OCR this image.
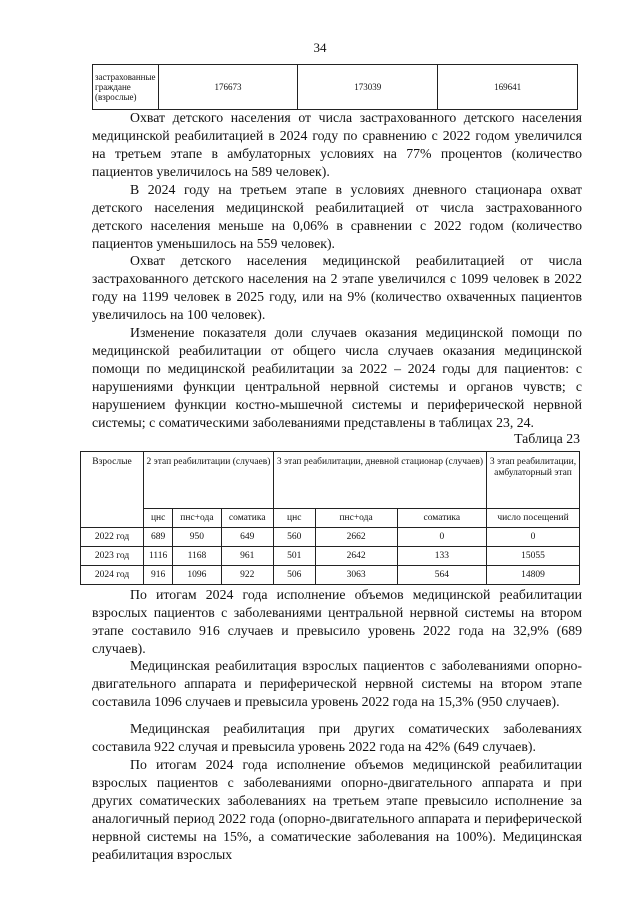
34
застрахованные граждане (взрослые)	176673	173039	169641

Охват детского населения от числа застрахованного детского населения медицинской реабилитацией в 2024 году по сравнению с 2022 годом увеличился на третьем этапе в амбулаторных условиях на 77% процентов (количество пациентов увеличилось на 589 человек).

В 2024 году на третьем этапе в условиях дневного стационара охват детского населения медицинской реабилитацией от числа застрахованного детского населения меньше на 0,06% в сравнении с 2022 годом (количество пациентов уменьшилось на 559 человек).

Охват детского населения медицинской реабилитацией от числа застрахованного детского населения на 2 этапе увеличился с 1099 человек в 2022 году на 1199 человек в 2025 году, или на 9% (количество охваченных пациентов увеличилось на 100 человек).

Изменение показателя доли случаев оказания медицинской помощи по медицинской реабилитации от общего числа случаев оказания медицинской помощи по медицинской реабилитации за 2022 – 2024 годы для пациентов: с нарушениями функции центральной нервной системы и органов чувств; с нарушением функции костно-мышечной системы и периферической нервной системы; с соматическими заболеваниями представлены в таблицах 23, 24.

Таблица 23
Взрослые	2 этап реабилитации (случаев)			3 этап реабилитации, дневной стационар (случаев)			3 этап реабилитации, амбулаторный этап
	цнс	пнс+ода	соматика	цнс	пнс+ода	соматика	число посещений
2022 год	689	950	649	560	2662	0	0
2023 год	1116	1168	961	501	2642	133	15055
2024 год	916	1096	922	506	3063	564	14809

По итогам 2024 года исполнение объемов медицинской реабилитации взрослых пациентов с заболеваниями центральной нервной системы на втором этапе составило 916 случаев и превысило уровень 2022 года на 32,9% (689 случаев).

Медицинская реабилитация взрослых пациентов с заболеваниями опорно-двигательного аппарата и периферической нервной системы на втором этапе составила 1096 случаев и превысила уровень 2022 года на 15,3% (950 случаев).

Медицинская реабилитация при других соматических заболеваниях составила 922 случая и превысила уровень 2022 года на 42% (649 случаев).

По итогам 2024 года исполнение объемов медицинской реабилитации взрослых пациентов с заболеваниями опорно-двигательного аппарата и при других соматических заболеваниях на третьем этапе превысило исполнение за аналогичный период 2022 года (опорно-двигательного аппарата и периферической нервной системы на 15%, а соматические заболевания на 100%). Медицинская реабилитация взрослых
